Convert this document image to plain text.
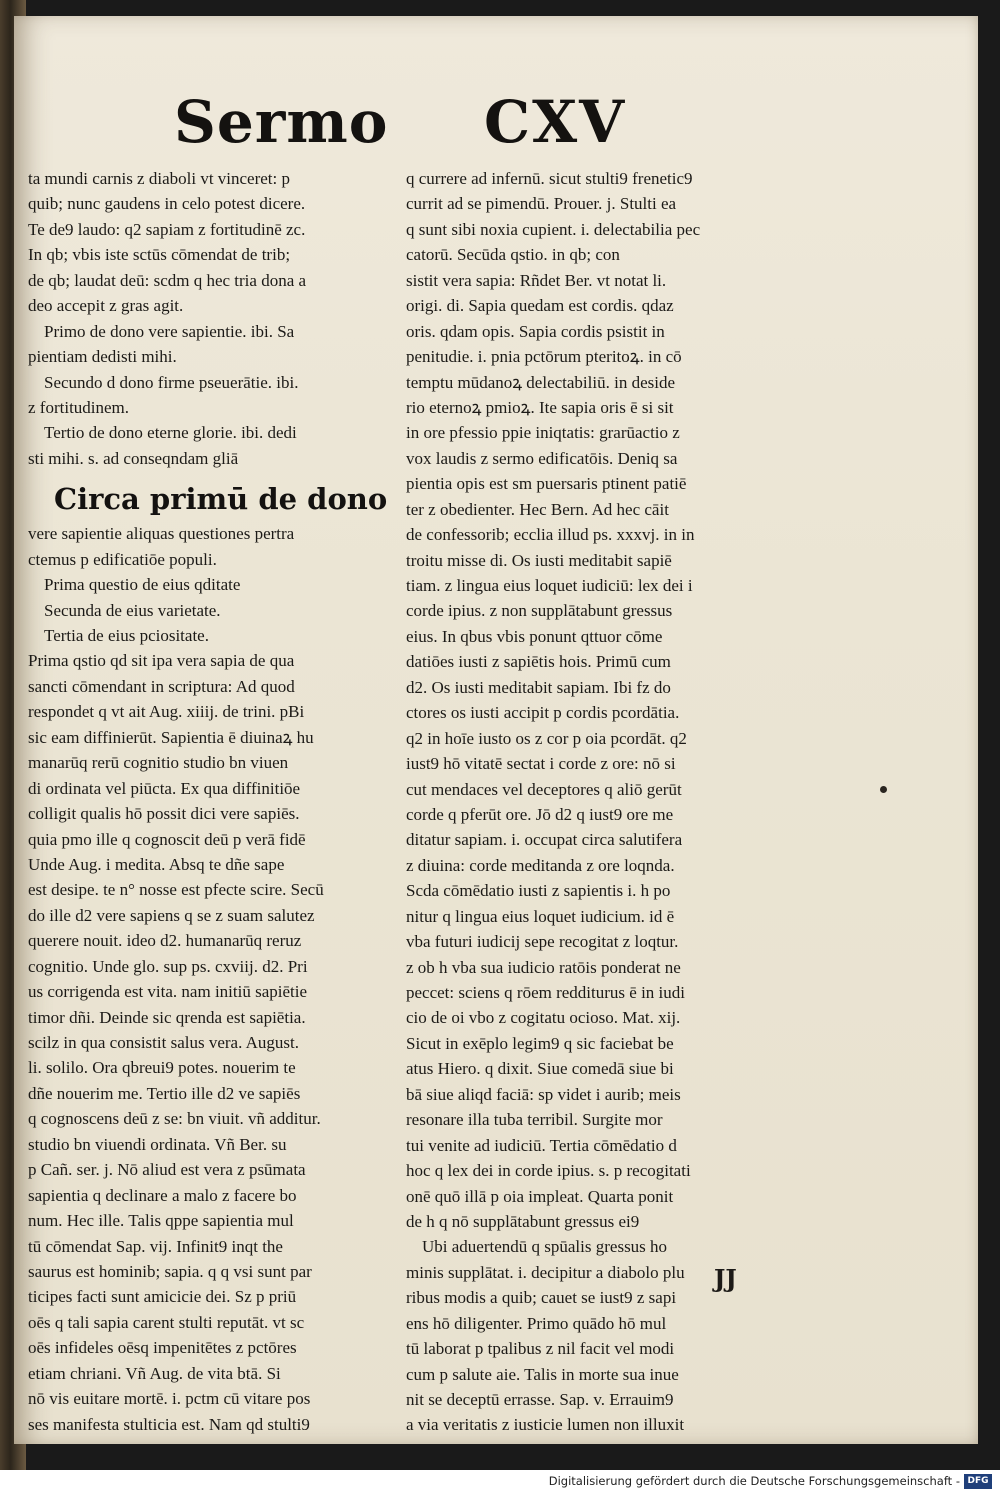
Sermo CXV
ta mundi carnis z diaboli vt vinceret: p
quib; nunc gaudens in celo potest dicere.
Te de9 laudo: q2 sapiam z fortitudinē zc.
In qb; vbis iste sctūs cōmendat de trib;
de qb; laudat deū: scdm q hec tria dona a
deo accepit z gras agit.
Primo de dono vere sapientie. ibi. Sa
pientiam dedisti mihi.
Secundo d dono firme pseuerātie. ibi.
z fortitudinem.
Tertio de dono eterne glorie. ibi. dedi
sti mihi. s. ad conseqndam gliā
Circa primū de dono
vere sapientie aliquas questiones pertra
ctemus p edificatiōe populi.
Prima questio de eius qditate
Secunda de eius varietate.
Tertia de eius pciositate.
Prima qstio qd sit ipa vera sapia de qua
sancti cōmendant in scriptura: Ad quod
respondet q vt ait Aug. xiiij. de trini. pBi
sic eam diffinierūt. Sapientia ē diuinaꝝ hu
manarūq rerū cognitio studio bn viuen
di ordinata vel piūcta. Ex qua diffinitiōe
colligit qualis hō possit dici vere sapiēs.
quia pmo ille q cognoscit deū p verā fidē
Unde Aug. i medita. Absq te dñe sape
est desipe. te n° nosse est pfecte scire. Secū
do ille d2 vere sapiens q se z suam salutez
querere nouit. ideo d2. humanarūq reruz
cognitio. Unde glo. sup ps. cxviij. d2. Pri
us corrigenda est vita. nam initiū sapiētie
timor dñi. Deinde sic qrenda est sapiētia.
scilz in qua consistit salus vera. August.
li. solilo. Ora qbreui9 potes. nouerim te
dñe nouerim me. Tertio ille d2 ve sapiēs
q cognoscens deū z se: bn viuit. vñ additur.
studio bn viuendi ordinata. Vñ Ber. su
p Cañ. ser. j. Nō aliud est vera z psūmata
sapientia q declinare a malo z facere bo
num. Hec ille. Talis qppe sapientia mul
tū cōmendat Sap. vij. Infinit9 inqt the
saurus est hominib; sapia. q q vsi sunt par
ticipes facti sunt amicicie dei. Sz p priū
oēs q tali sapia carent stulti reputāt. vt sc
oēs infideles oēsq impenitētes z pctōres
etiam chriani. Vñ Aug. de vita btā. Si
nō vis euitare mortē. i. pctm cū vitare pos
ses manifesta stulticia est. Nam qd stulti9
q currere ad infernū. sicut stulti9 frenetic9
currit ad se pimendū. Prouer. j. Stulti ea
q sunt sibi noxia cupient. i. delectabilia pec
catorū. Secūda qstio. in qb; con
sistit vera sapia: Rñdet Ber. vt notat li.
origi. di. Sapia quedam est cordis. qdaz
oris. qdam opis. Sapia cordis psistit in
penitudie. i. pnia pctōrum pteritoꝝ. in cō
temptu mūdanoꝝ delectabiliū. in deside
rio eternoꝝ pmioꝝ. Ite sapia oris ē si sit
in ore pfessio ppie iniqtatis: grarūactio z
vox laudis z sermo edificatōis. Deniq sa
pientia opis est sm puersaris ptinent patiē
ter z obedienter. Hec Bern. Ad hec cāit
de confessorib; ecclia illud ps. xxxvj. in in
troitu misse di. Os iusti meditabit sapiē
tiam. z lingua eius loquet iudiciū: lex dei i
corde ipius. z non supplātabunt gressus
eius. In qbus vbis ponunt qttuor cōme
datiōes iusti z sapiētis hois. Primū cum
d2. Os iusti meditabit sapiam. Ibi fz do
ctores os iusti accipit p cordis pcordātia.
q2 in hoīe iusto os z cor p oia pcordāt. q2
iust9 hō vitatē sectat i corde z ore: nō si
cut mendaces vel deceptores q aliō gerūt
corde q pferūt ore. Jō d2 q iust9 ore me
ditatur sapiam. i. occupat circa salutifera
z diuina: corde meditanda z ore loqnda.
Scda cōmēdatio iusti z sapientis i. h po
nitur q lingua eius loquet iudicium. id ē
vba futuri iudicij sepe recogitat z loqtur.
z ob h vba sua iudicio ratōis ponderat ne
peccet: sciens q rōem redditurus ē in iudi
cio de oi vbo z cogitatu ocioso. Mat. xij.
Sicut in exēplo legim9 q sic faciebat be
atus Hiero. q dixit. Siue comedā siue bi
bā siue aliqd faciā: sp videt i aurib; meis
resonare illa tuba terribil. Surgite mor
tui venite ad iudiciū. Tertia cōmēdatio d
hoc q lex dei in corde ipius. s. p recogitati
onē quō illā p oia impleat. Quarta ponit
de h q nō supplātabunt gressus ei9
Ubi aduertendū q spūalis gressus ho
minis supplātat. i. decipitur a diabolo plu
ribus modis a quib; cauet se iust9 z sapi
ens hō diligenter. Primo quādo hō mul
tū laborat p tpalibus z nil facit vel modi
cum p salute aie. Talis in morte sua inue
nit se deceptū errasse. Sap. v. Errauim9
a via veritatis z iusticie lumen non illuxit
JJ
Digitalisierung gefördert durch die Deutsche Forschungsgemeinschaft - DFG
